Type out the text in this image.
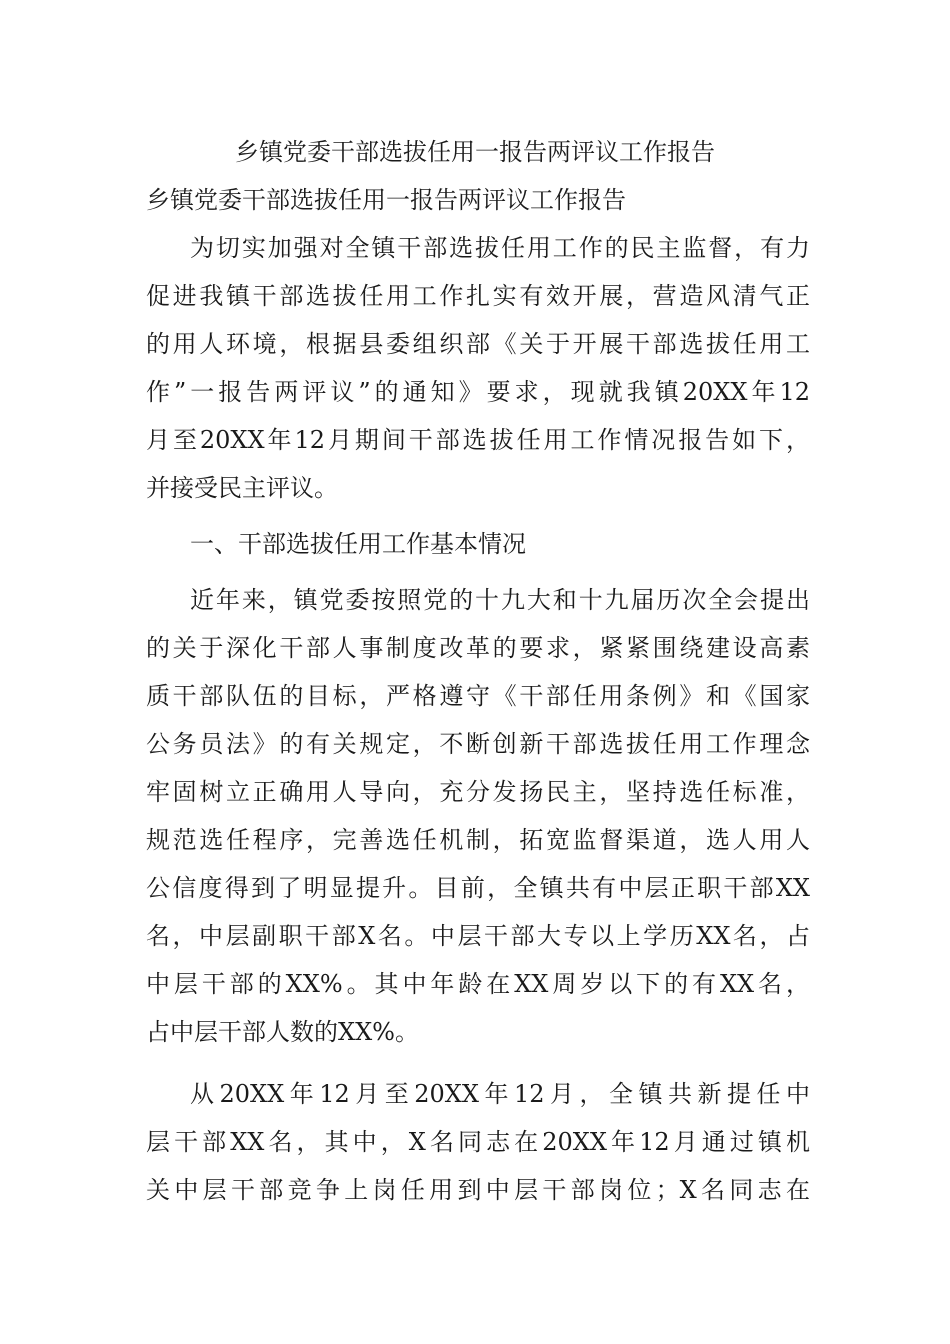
乡镇党委干部选拔任用一报告两评议工作报告
乡镇党委干部选拔任用一报告两评议工作报告
为切实加强对全镇干部选拔任用工作的民主监督，有力
促进我镇干部选拔任用工作扎实有效开展，营造风清气正
的用人环境，根据县委组织部《关于开展干部选拔任用工
作”一报告两评议”的通知》要求，现就我镇20XX年12
月至20XX年12月期间干部选拔任用工作情况报告如下，
并接受民主评议。
一、干部选拔任用工作基本情况
近年来，镇党委按照党的十九大和十九届历次全会提出
的关于深化干部人事制度改革的要求，紧紧围绕建设高素
质干部队伍的目标，严格遵守《干部任用条例》和《国家
公务员法》的有关规定，不断创新干部选拔任用工作理念
牢固树立正确用人导向，充分发扬民主，坚持选任标准，
规范选任程序，完善选任机制，拓宽监督渠道，选人用人
公信度得到了明显提升。目前，全镇共有中层正职干部XX
名，中层副职干部X名。中层干部大专以上学历XX名，占
中层干部的XX%。其中年龄在XX周岁以下的有XX名，
占中层干部人数的XX%。
从20XX年12月至20XX年12月，全镇共新提任中
层干部XX名，其中，X名同志在20XX年12月通过镇机
关中层干部竞争上岗任用到中层干部岗位；X名同志在
